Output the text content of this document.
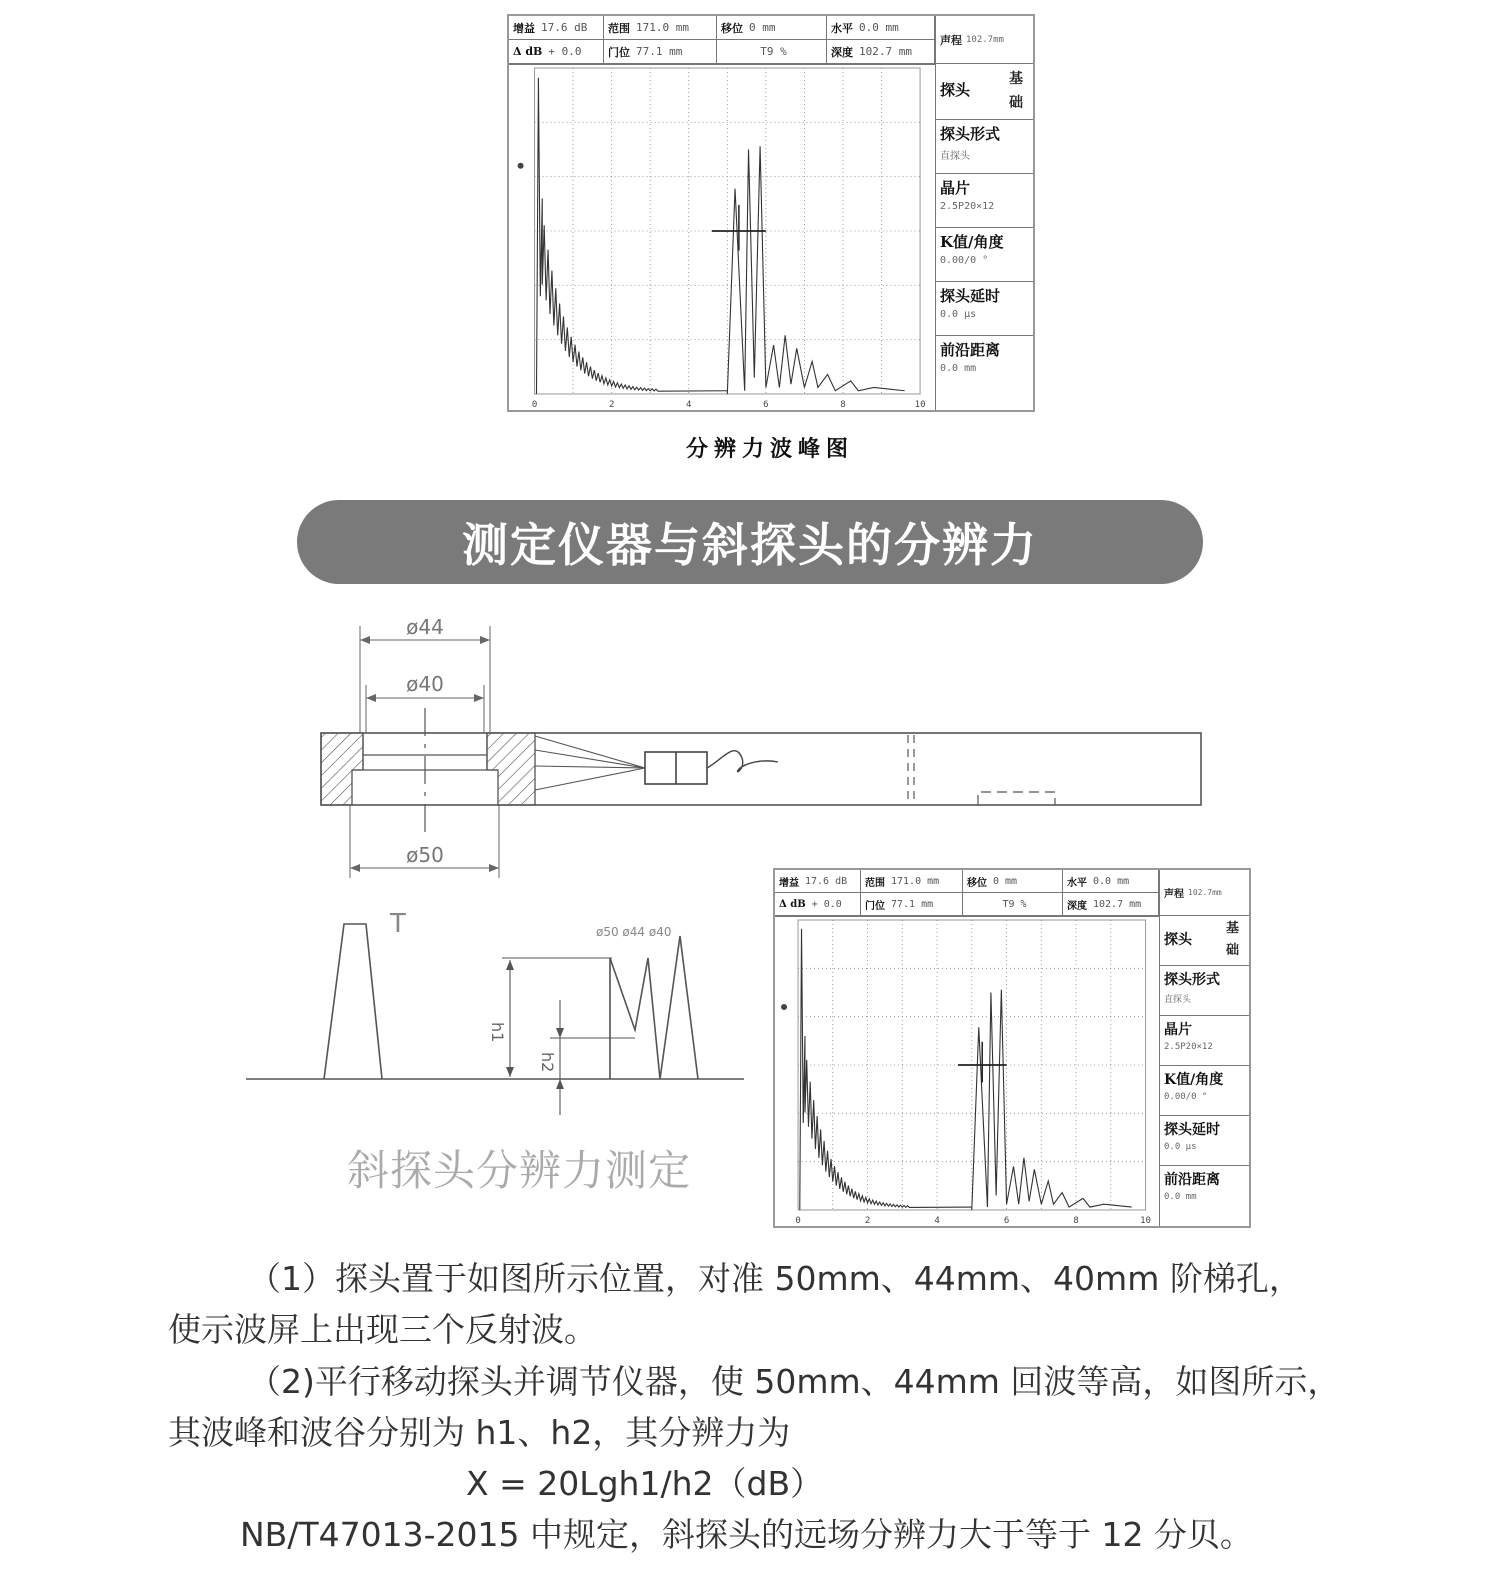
增益 17.6 dB 范围 171.0 mm	移位 0 mm	水平 0.0 mm
Δ dB + 0.0 门位 77.1 mm	T9 %	深度 102.7 mm
声程 102.7mm
探头
基础
探头形式
直探头
晶片
2.5P20×12
K值/角度
0.00/0 °
探头延时
0.0 μs
前沿距离
0.0 mm
0	2	4	6	8	10
分辨力波峰图
测定仪器与斜探头的分辨力
ø44
ø40
ø50
T	ø50 ø44 ø40
h1
h2
斜探头分辨力测定
增益 17.6 dB 范围 171.0 mm	移位 0 mm	水平 0.0 mm
Δ dB + 0.0 门位 77.1 mm	T9 %	深度 102.7 mm
声程 102.7mm
探头
基础
探头形式
直探头
晶片
2.5P20×12
K值/角度
0.00/0 °
探头延时
0.0 μs
前沿距离
0.0 mm
0	2	4	6	8	10
（1）探头置于如图所示位置，对准 50mm、44mm、40mm 阶梯孔，
使示波屏上出现三个反射波。
（2)平行移动探头并调节仪器，使 50mm、44mm 回波等高，如图所示，
其波峰和波谷分别为 h1、h2，其分辨力为
X = 20Lgh1/h2（dB）
NB/T47013-2015 中规定，斜探头的远场分辨力大于等于 12 分贝。
